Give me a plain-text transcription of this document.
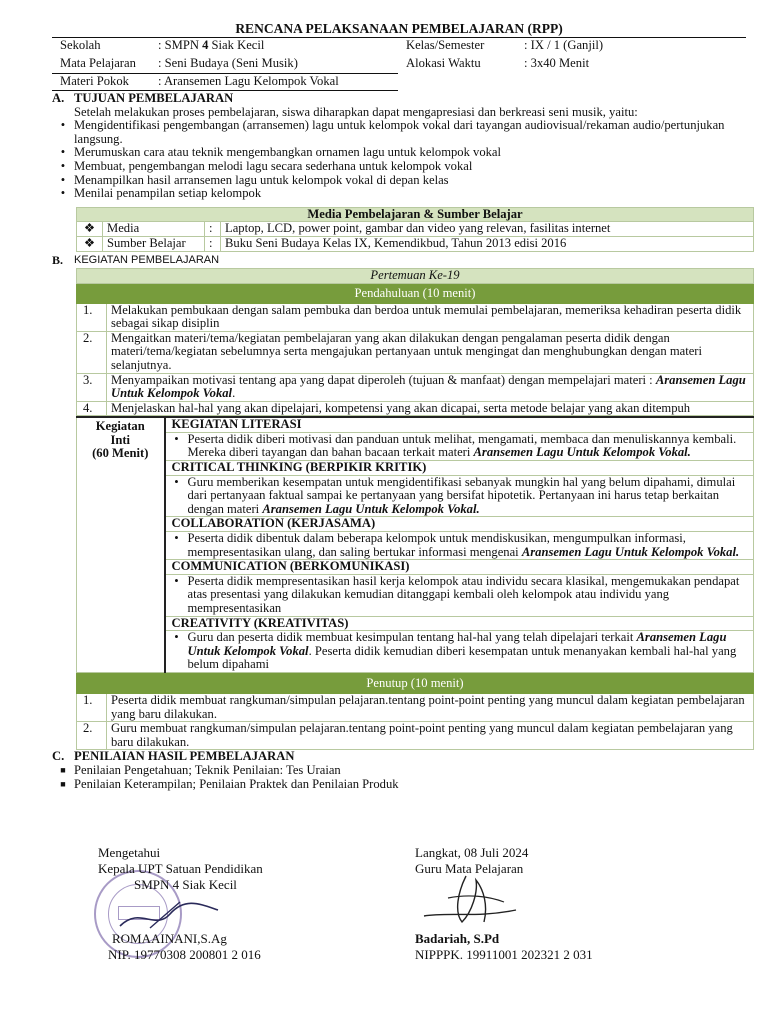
RENCANA PELAKSANAAN PEMBELAJARAN (RPP)
Sekolah	: SMPN 4 Siak Kecil	Kelas/Semester	: IX / 1 (Ganjil)
Mata Pelajaran	: Seni Budaya (Seni Musik)	Alokasi Waktu	: 3x40 Menit
Materi Pokok	: Aransemen Lagu Kelompok Vokal		
A. TUJUAN PEMBELAJARAN
Setelah melakukan proses pembelajaran, siswa diharapkan dapat mengapresiasi dan berkreasi seni musik, yaitu:
• Mengidentifikasi pengembangan (arransemen) lagu untuk kelompok vokal dari tayangan audiovisual/rekaman audio/pertunjukan langsung.
• Merumuskan cara atau teknik mengembangkan ornamen lagu untuk kelompok vokal
• Membuat, pengembangan melodi lagu secara sederhana untuk kelompok vokal
• Menampilkan hasil arransemen lagu untuk kelompok vokal di depan kelas
• Menilai penampilan setiap kelompok
Media Pembelajaran & Sumber Belajar			
❖	Media	:	Laptop, LCD, power point, gambar dan video yang relevan, fasilitas internet
❖	Sumber Belajar	:	Buku Seni Budaya Kelas IX, Kemendikbud, Tahun 2013 edisi 2016
B. KEGIATAN PEMBELAJARAN
Pertemuan Ke-19	
Pendahuluan (10 menit)	
1.	Melakukan pembukaan dengan salam pembuka dan berdoa untuk memulai pembelajaran, memeriksa kehadiran peserta didik sebagai sikap disiplin
2.	Mengaitkan materi/tema/kegiatan pembelajaran yang akan dilakukan dengan pengalaman peserta didik dengan materi/tema/kegiatan sebelumnya serta mengajukan pertanyaan untuk mengingat dan menghubungkan dengan materi selanjutnya.
3.	Menyampaikan motivasi tentang apa yang dapat diperoleh (tujuan & manfaat) dengan mempelajari materi : Aransemen Lagu Untuk Kelompok Vokal.
4.	Menjelaskan hal-hal yang akan dipelajari, kompetensi yang akan dicapai, serta metode belajar yang akan ditempuh
Kegiatan
Inti
(60 Menit)

KEGIATAN LITERASI
• Peserta didik diberi motivasi dan panduan untuk melihat, mengamati, membaca dan menuliskannya kembali. Mereka diberi tayangan dan bahan bacaan terkait materi Aransemen Lagu Untuk Kelompok Vokal.
CRITICAL THINKING (BERPIKIR KRITIK)
• Guru memberikan kesempatan untuk mengidentifikasi sebanyak mungkin hal yang belum dipahami, dimulai dari pertanyaan faktual sampai ke pertanyaan yang bersifat hipotetik. Pertanyaan ini harus tetap berkaitan dengan materi Aransemen Lagu Untuk Kelompok Vokal.
COLLABORATION (KERJASAMA)
• Peserta didik dibentuk dalam beberapa kelompok untuk mendiskusikan, mengumpulkan informasi, mempresentasikan ulang, dan saling bertukar informasi mengenai Aransemen Lagu Untuk Kelompok Vokal.
COMMUNICATION (BERKOMUNIKASI)
• Peserta didik mempresentasikan hasil kerja kelompok atau individu secara klasikal, mengemukakan pendapat atas presentasi yang dilakukan kemudian ditanggapi kembali oleh kelompok atau individu yang mempresentasikan
CREATIVITY (KREATIVITAS)
• Guru dan peserta didik membuat kesimpulan tentang hal-hal yang telah dipelajari terkait Aransemen Lagu Untuk Kelompok Vokal. Peserta didik kemudian diberi kesempatan untuk menanyakan kembali hal-hal yang belum dipahami
Penutup (10 menit)	
1.	Peserta didik membuat rangkuman/simpulan pelajaran.tentang point-point penting yang muncul dalam kegiatan pembelajaran yang baru dilakukan.
2.	Guru membuat rangkuman/simpulan pelajaran.tentang point-point penting yang muncul dalam kegiatan pembelajaran yang baru dilakukan.
C. PENILAIAN HASIL PEMBELAJARAN
■ Penilaian Pengetahuan; Teknik Penilaian: Tes Uraian
■ Penilaian Keterampilan; Penilaian Praktek dan Penilaian Produk
Mengetahui
Kepala UPT Satuan Pendidikan
SMPN 4 Siak Kecil
ROMAAINANI,S.Ag
NIP. 19770308 200801 2 016
Langkat, 08 Juli 2024
Guru Mata Pelajaran
Badariah, S.Pd
NIPPPK. 19911001 202321 2 031
